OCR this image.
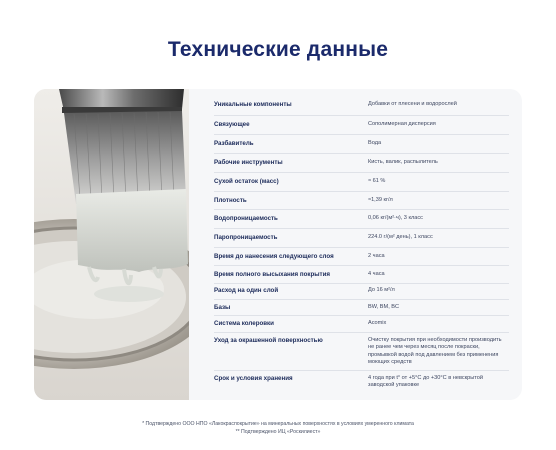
Технические данные
Уникальные компоненты	Добавки от плесени и водорослей
Связующее	Сополимерная дисперсия
Разбавитель	Вода
Рабочие инструменты	Кисть, валик, распылитель
Сухой остаток (масс)	≈ 61 %
Плотность	≈1,39 кг/л
Водопроницаемость	0,06 кг/(м²·ч), 3 класс
Паропроницаемость	224.0 г/(м² день), 1 класс
Время до нанесения следующего слоя	2 часа
Время полного высыхания покрытия	4 часа
Расход на один слой	До 16 м²/л
Базы	BW, BM, BC
Система колеровки	Acomix
Уход за окрашенной поверхностью	Очистку покрытия при необходимости производить не ранее чем через месяц после покраски, промывкой водой под давлением без применения моющих средств
Срок и условия хранения	4 года при t° от +5°C до +30°C в невскрытой заводской упаковке
* Подтверждено ООО НПО «Лакокраспокрытие» на минеральных поверхностях в условиях умеренного климата
** Подтверждено ИЦ «Роскилиест»
